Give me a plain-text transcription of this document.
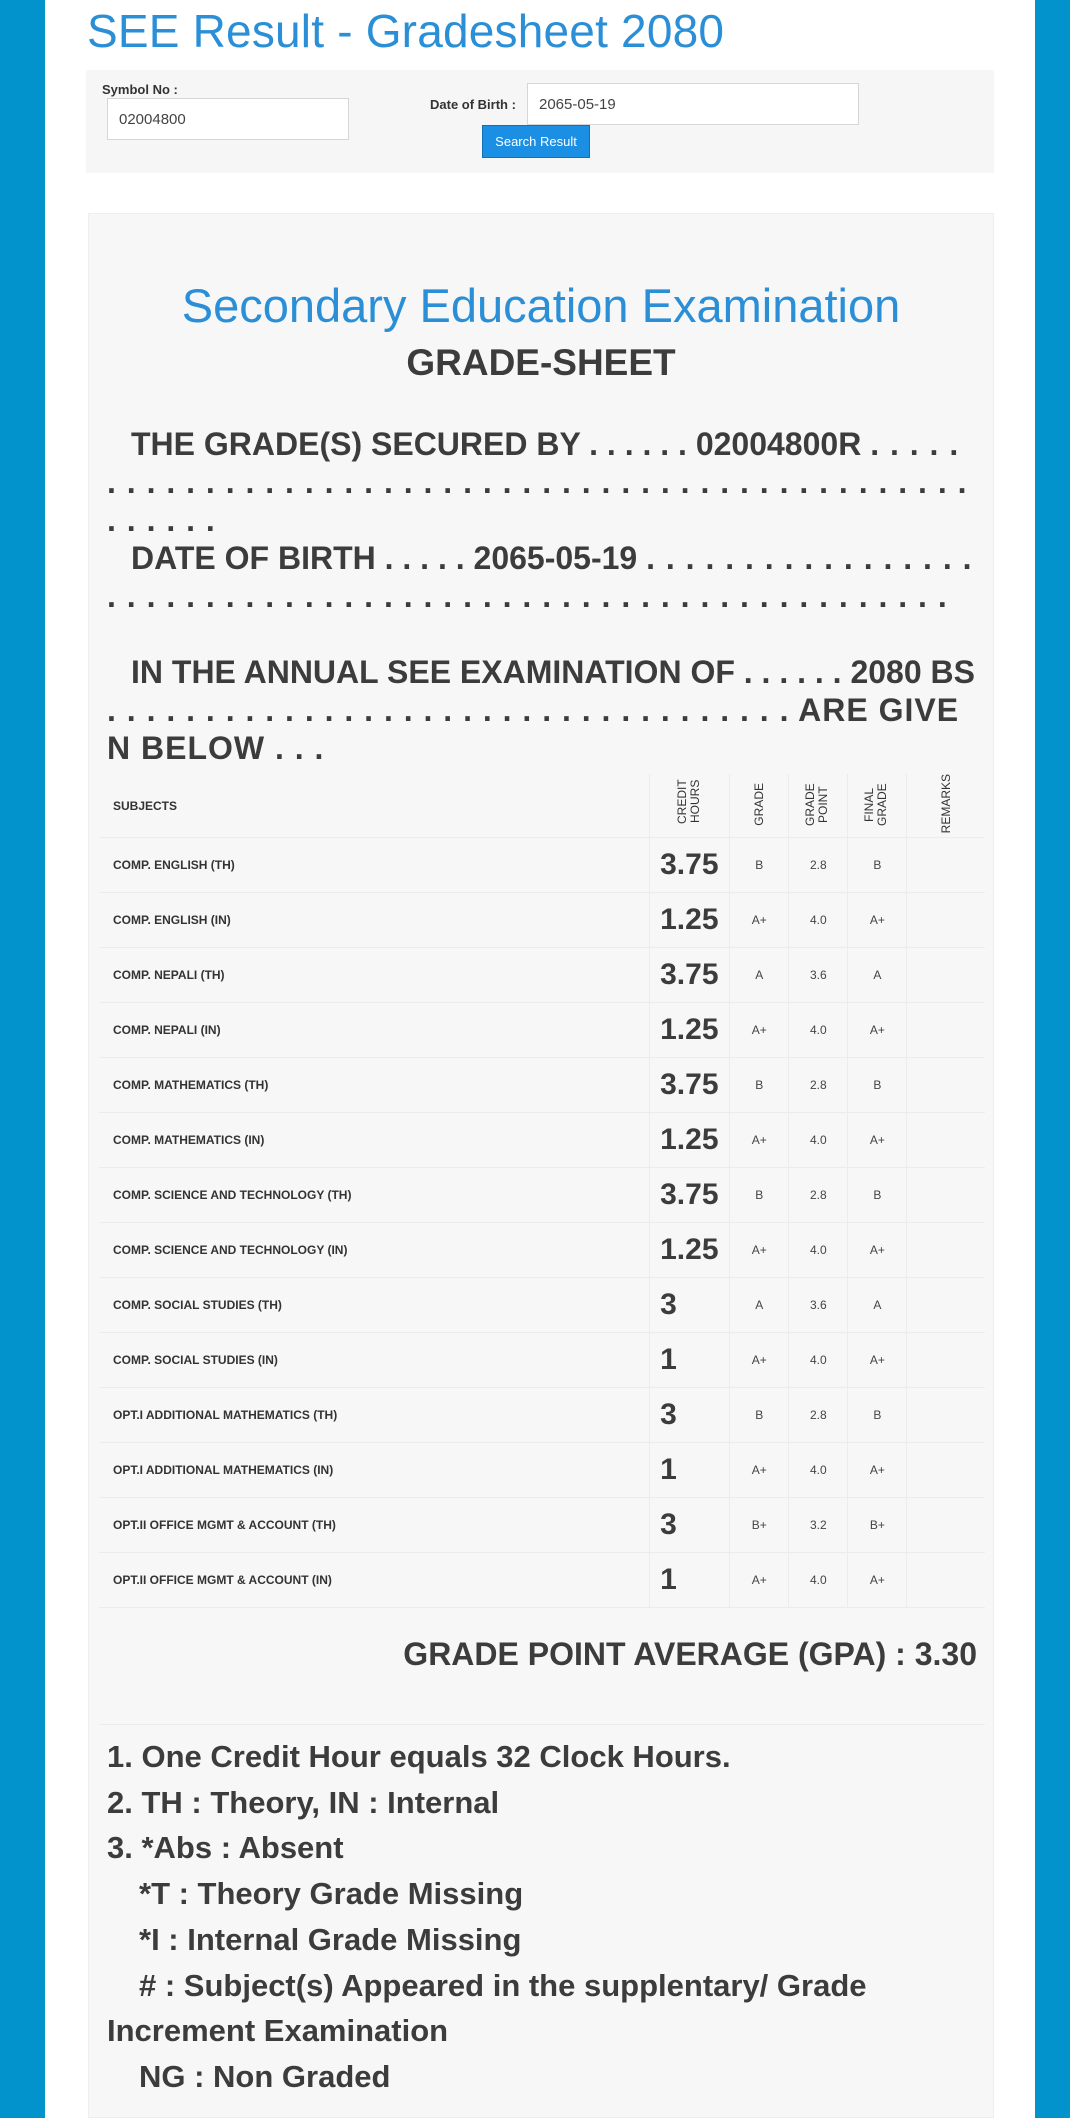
SEE Result - Gradesheet 2080
Symbol No :
02004800
Date of Birth :	2065-05-19
Search Result
Secondary Education Examination
GRADE-SHEET
THE GRADE(S) SECURED BY . . . . . . 02004800R . . . . . . . . . . . . . . . . . . . . . . . . . . . . . . . . . . . . . . . . . . . . . . . . . . . . . . .
DATE OF BIRTH . . . . . 2065-05-19 . . . . . . . . . . . . . . . . . . . . . . . . . . . . . . . . . . . . . . . . . . . . . . . . . . . . . . . . . . . .
IN THE ANNUAL SEE EXAMINATION OF . . . . . . 2080 BS . . . . . . . . . . . . . . . . . . . . . . . . . . . . . . . . . . . ARE GIVEN BELOW . . .
SUBJECTS	CREDIT HOURS	GRADE	GRADE POINT	FINAL GRADE	REMARKS
COMP. ENGLISH (TH)	3.75	B	2.8	B	
COMP. ENGLISH (IN)	1.25	A+	4.0	A+	
COMP. NEPALI (TH)	3.75	A	3.6	A	
COMP. NEPALI (IN)	1.25	A+	4.0	A+	
COMP. MATHEMATICS (TH)	3.75	B	2.8	B	
COMP. MATHEMATICS (IN)	1.25	A+	4.0	A+	
COMP. SCIENCE AND TECHNOLOGY (TH)	3.75	B	2.8	B	
COMP. SCIENCE AND TECHNOLOGY (IN)	1.25	A+	4.0	A+	
COMP. SOCIAL STUDIES (TH)	3	A	3.6	A	
COMP. SOCIAL STUDIES (IN)	1	A+	4.0	A+	
OPT.I ADDITIONAL MATHEMATICS (TH)	3	B	2.8	B	
OPT.I ADDITIONAL MATHEMATICS (IN)	1	A+	4.0	A+	
OPT.II OFFICE MGMT & ACCOUNT (TH)	3	B+	3.2	B+	
OPT.II OFFICE MGMT & ACCOUNT (IN)	1	A+	4.0	A+	
GRADE POINT AVERAGE (GPA) : 3.30
1. One Credit Hour equals 32 Clock Hours.
2. TH : Theory, IN : Internal
3. *Abs : Absent
*T : Theory Grade Missing
*I : Internal Grade Missing
# : Subject(s) Appeared in the supplentary/ Grade
Increment Examination
NG : Non Graded
